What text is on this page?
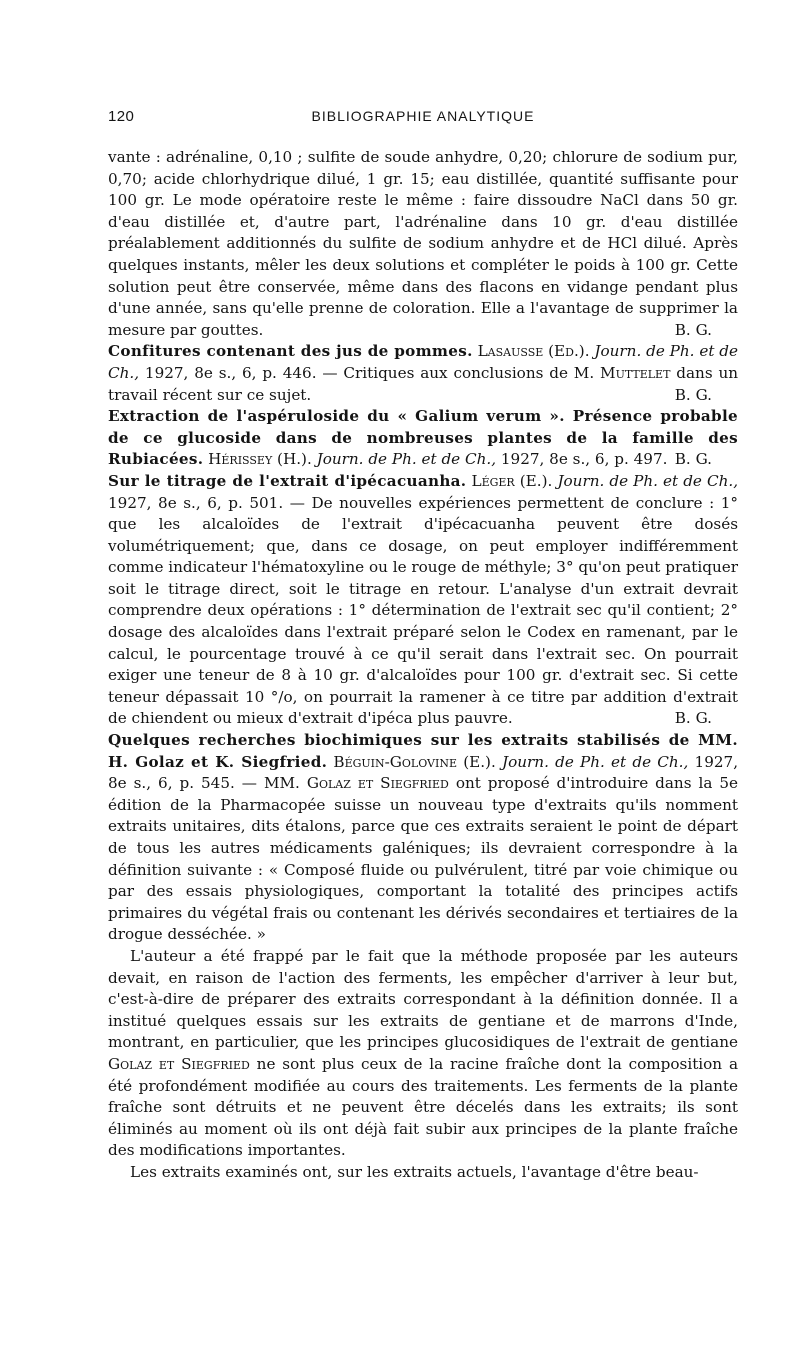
120	BIBLIOGRAPHIE ANALYTIQUE

vante : adrénaline, 0,10 ; sulfite de soude anhydre, 0,20; chlorure de sodium pur, 0,70; acide chlorhydrique dilué, 1 gr. 15; eau distillée, quantité suffisante pour 100 gr. Le mode opératoire reste le même : faire dissoudre NaCl dans 50 gr. d'eau distillée et, d'autre part, l'adrénaline dans 10 gr. d'eau distillée préalablement additionnés du sulfite de sodium anhydre et de HCl dilué. Après quelques instants, mêler les deux solutions et compléter le poids à 100 gr. Cette solution peut être conservée, même dans des flacons en vidange pendant plus d'une année, sans qu'elle prenne de coloration. Elle a l'avantage de supprimer la mesure par gouttes.	B. G.

Confitures contenant des jus de pommes. Lasausse (Ed.). Journ. de Ph. et de Ch., 1927, 8e s., 6, p. 446. — Critiques aux conclusions de M. Muttelet dans un travail récent sur ce sujet.	B. G.

Extraction de l'aspéruloside du « Galium verum ». Présence probable de ce glucoside dans de nombreuses plantes de la famille des Rubiacées. Hérissey (H.). Journ. de Ph. et de Ch., 1927, 8e s., 6, p. 497. B. G.

Sur le titrage de l'extrait d'ipécacuanha. Léger (E.). Journ. de Ph. et de Ch., 1927, 8e s., 6, p. 501. — De nouvelles expériences permettent de conclure : 1° que les alcaloïdes de l'extrait d'ipécacuanha peuvent être dosés volumétriquement; que, dans ce dosage, on peut employer indifféremment comme indicateur l'hématoxyline ou le rouge de méthyle; 3° qu'on peut pratiquer soit le titrage direct, soit le titrage en retour. L'analyse d'un extrait devrait comprendre deux opérations : 1° détermination de l'extrait sec qu'il contient; 2° dosage des alcaloïdes dans l'extrait préparé selon le Codex en ramenant, par le calcul, le pourcentage trouvé à ce qu'il serait dans l'extrait sec. On pourrait exiger une teneur de 8 à 10 gr. d'alcaloïdes pour 100 gr. d'extrait sec. Si cette teneur dépassait 10 °/o, on pourrait la ramener à ce titre par addition d'extrait de chiendent ou mieux d'extrait d'ipéca plus pauvre.	B. G.

Quelques recherches biochimiques sur les extraits stabilisés de MM. H. Golaz et K. Siegfried. Béguin-Golovine (E.). Journ. de Ph. et de Ch., 1927, 8e s., 6, p. 545. — MM. Golaz et Siegfried ont proposé d'introduire dans la 5e édition de la Pharmacopée suisse un nouveau type d'extraits qu'ils nomment extraits unitaires, dits étalons, parce que ces extraits seraient le point de départ de tous les autres médicaments galéniques; ils devraient correspondre à la définition suivante : « Composé fluide ou pulvérulent, titré par voie chimique ou par des essais physiologiques, comportant la totalité des principes actifs primaires du végétal frais ou contenant les dérivés secondaires et tertiaires de la drogue desséchée. »

L'auteur a été frappé par le fait que la méthode proposée par les auteurs devait, en raison de l'action des ferments, les empêcher d'arriver à leur but, c'est-à-dire de préparer des extraits correspondant à la définition donnée. Il a institué quelques essais sur les extraits de gentiane et de marrons d'Inde, montrant, en particulier, que les principes glucosidiques de l'extrait de gentiane Golaz et Siegfried ne sont plus ceux de la racine fraîche dont la composition a été profondément modifiée au cours des traitements. Les ferments de la plante fraîche sont détruits et ne peuvent être décelés dans les extraits; ils sont éliminés au moment où ils ont déjà fait subir aux principes de la plante fraîche des modifications importantes.

Les extraits examinés ont, sur les extraits actuels, l'avantage d'être beau-
